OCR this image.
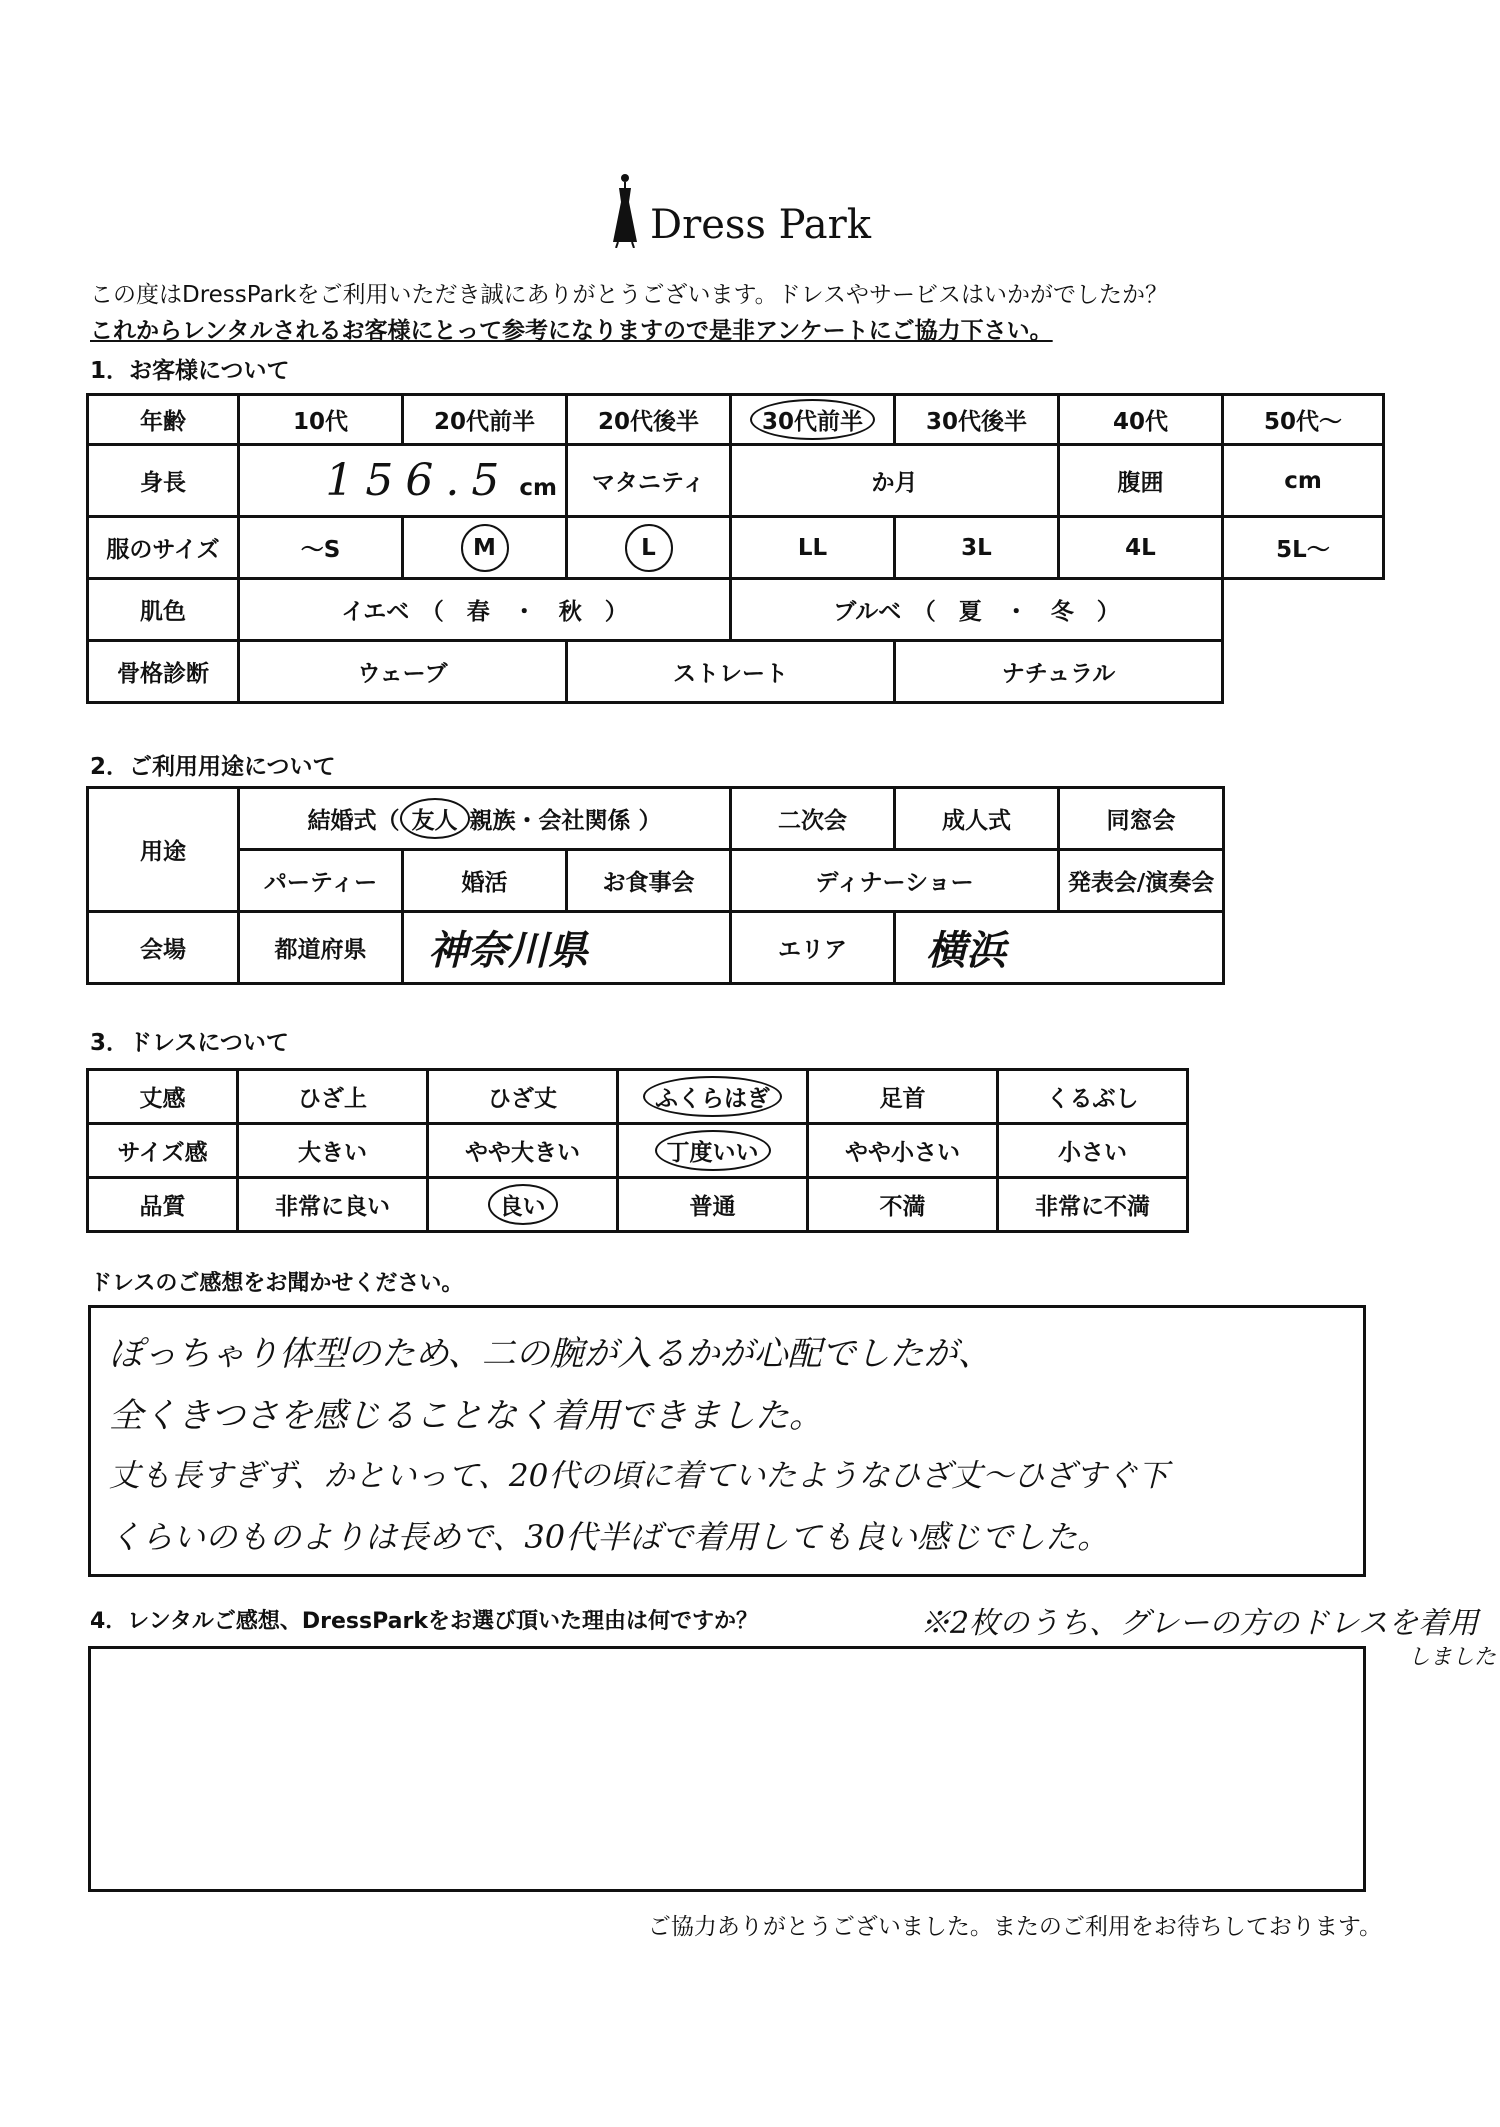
Dress Park
この度はDressParkをご利用いただき誠にありがとうございます。ドレスやサービスはいかがでしたか？
これからレンタルされるお客様にとって参考になりますので是非アンケートにご協力下さい。
1．お客様について
年齢	10代	20代前半	20代後半	30代前半	30代後半	40代	50代～
身長	156.5 cm		マタニティ	か月		腹囲	cm
服のサイズ	～S	M	L	LL	3L	4L	5L～
肌色	イエベ　（　春　・　秋　）			ブルベ　（　夏　・　冬　）			
骨格診断	ウェーブ		ストレート		ナチュラル		
2．ご利用用途について
用途	結婚式（ 友人 親族・会社関係 ）			二次会	成人式	同窓会	
	パーティー	婚活	お食事会	ディナーショー		発表会/演奏会	
会場	都道府県	神奈川県		エリア	横浜		
3．ドレスについて
丈感	ひざ上	ひざ丈	ふくらはぎ	足首	くるぶし
サイズ感	大きい	やや大きい	丁度いい	やや小さい	小さい
品質	非常に良い	良い	普通	不満	非常に不満
ドレスのご感想をお聞かせください。
ぽっちゃり体型のため、二の腕が入るかが心配でしたが、
全くきつさを感じることなく着用できました。
丈も長すぎず、かといって、20代の頃に着ていたようなひざ丈～ひざすぐ下
くらいのものよりは長めで、30代半ばで着用しても良い感じでした。
4．レンタルご感想、DressParkをお選び頂いた理由は何ですか？	※2枚のうち、グレーの方のドレスを着用
しました
ご協力ありがとうございました。またのご利用をお待ちしております。
